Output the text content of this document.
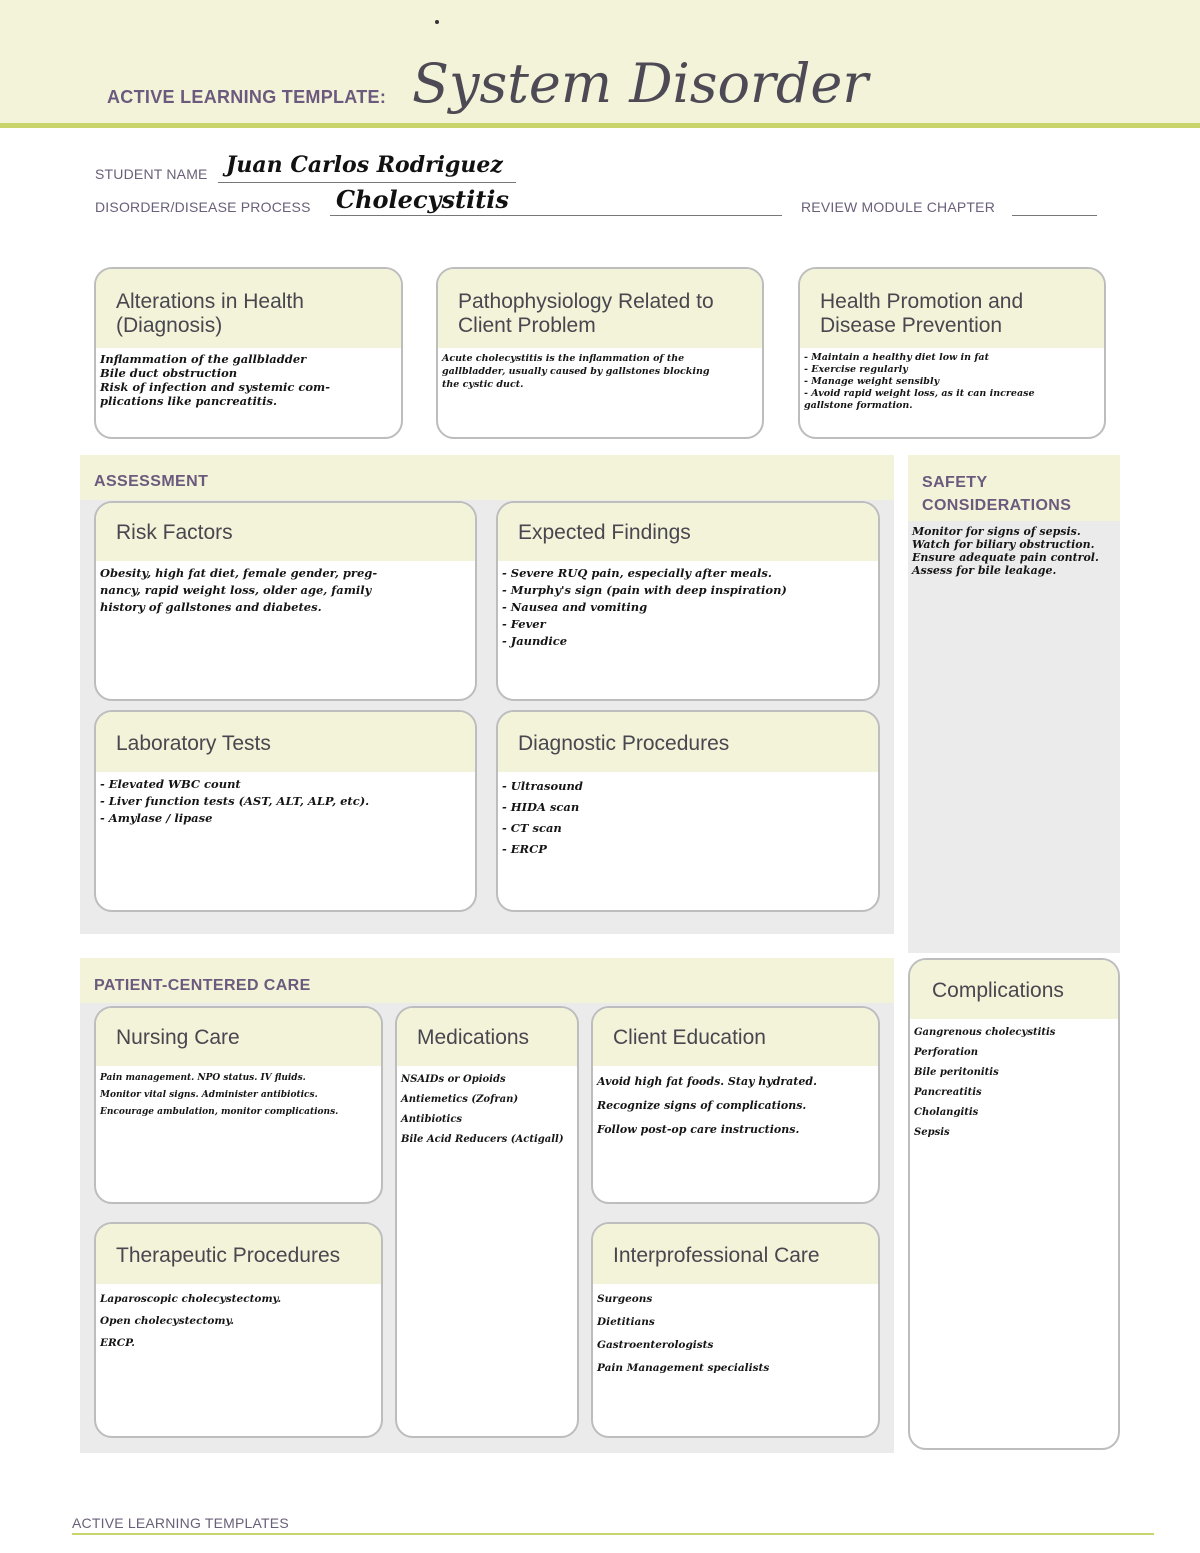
ACTIVE LEARNING TEMPLATE: System Disorder
STUDENT NAME Juan Carlos Rodriguez
DISORDER/DISEASE PROCESS Cholecystitis	REVIEW MODULE CHAPTER
Alterations in Health (Diagnosis)
Inflammation of the gallbladder
Bile duct obstruction
Risk of infection and systemic com-
plications like pancreatitis.
Pathophysiology Related to Client Problem
Acute cholecystitis is the inflammation of the
gallbladder, usually caused by gallstones blocking
the cystic duct.
Health Promotion and Disease Prevention
- Maintain a healthy diet low in fat
- Exercise regularly
- Manage weight sensibly
- Avoid rapid weight loss, as it can increase
gallstone formation.
ASSESSMENT
Risk Factors
Obesity, high fat diet, female gender, preg-
nancy, rapid weight loss, older age, family
history of gallstones and diabetes.
Expected Findings
- Severe RUQ pain, especially after meals.
- Murphy's sign (pain with deep inspiration)
- Nausea and vomiting
- Fever
- Jaundice
Laboratory Tests
- Elevated WBC count
- Liver function tests (AST, ALT, ALP, etc).
- Amylase / lipase
Diagnostic Procedures
- Ultrasound
- HIDA scan
- CT scan
- ERCP
SAFETY
CONSIDERATIONS
Monitor for signs of sepsis.
Watch for biliary obstruction.
Ensure adequate pain control.
Assess for bile leakage.
PATIENT-CENTERED CARE
Nursing Care
Pain management. NPO status. IV fluids.
Monitor vital signs. Administer antibiotics.
Encourage ambulation, monitor complications.
Medications
NSAIDs or Opioids
Antiemetics (Zofran)
Antibiotics
Bile Acid Reducers (Actigall)
Client Education
Avoid high fat foods. Stay hydrated.
Recognize signs of complications.
Follow post-op care instructions.
Therapeutic Procedures
Laparoscopic cholecystectomy.
Open cholecystectomy.
ERCP.
Interprofessional Care
Surgeons
Dietitians
Gastroenterologists
Pain Management specialists
Complications
Gangrenous cholecystitis
Perforation
Bile peritonitis
Pancreatitis
Cholangitis
Sepsis
ACTIVE LEARNING TEMPLATES
